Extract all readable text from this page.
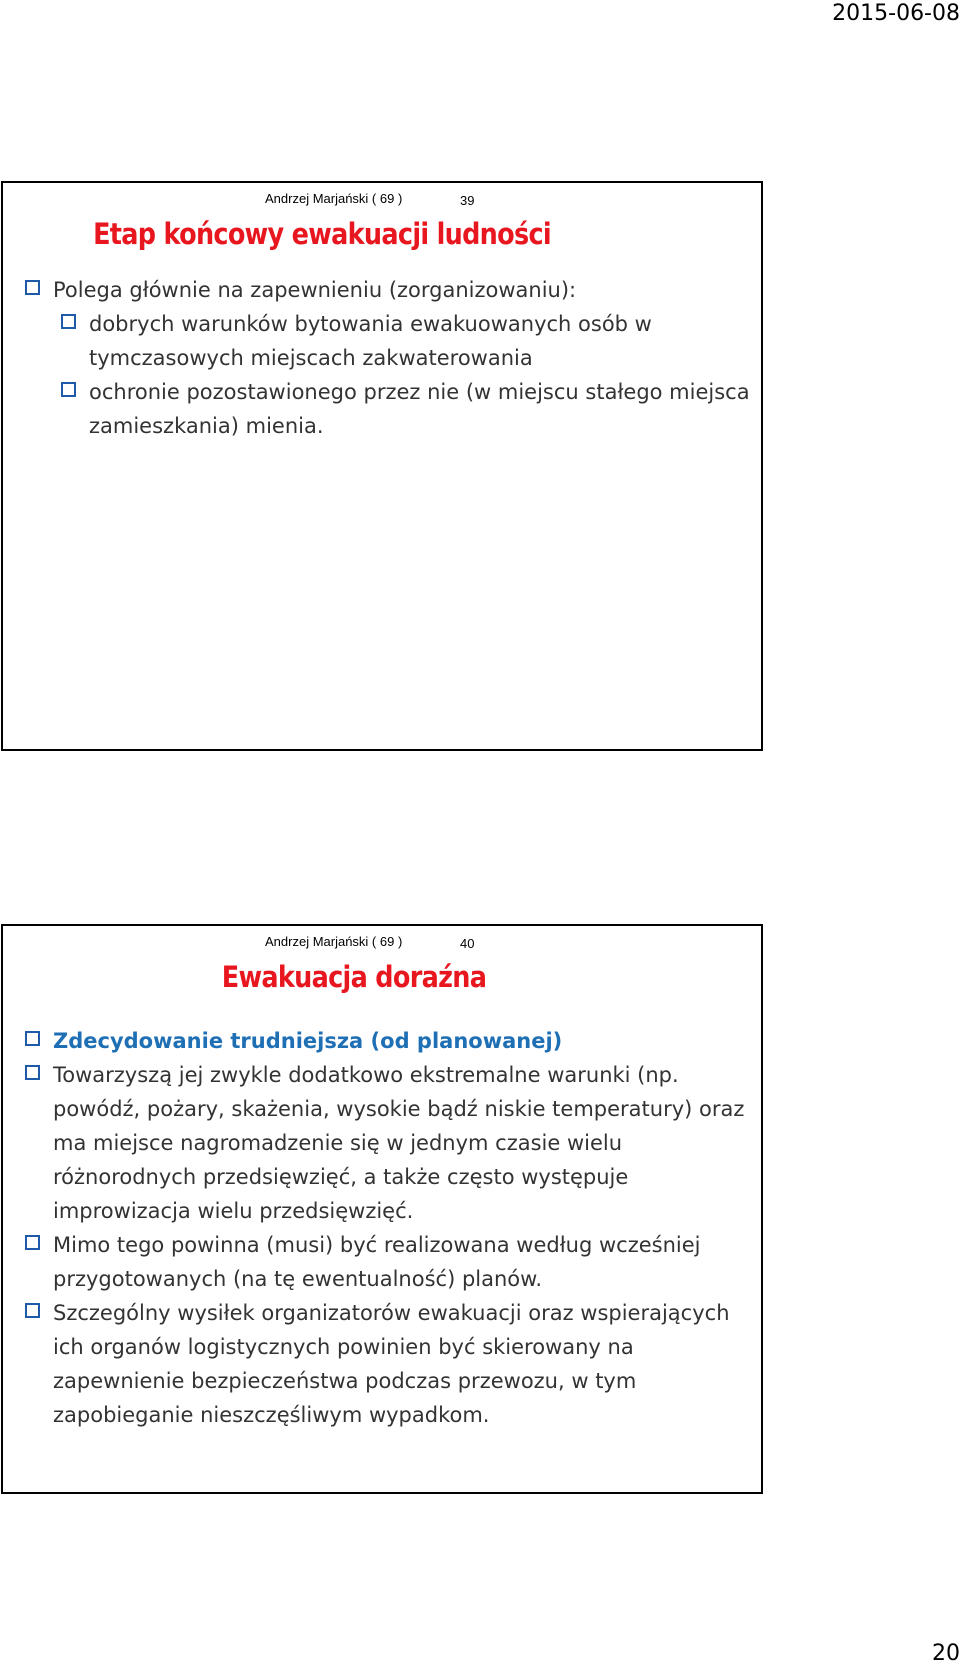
2015-06-08
Andrzej Marjański ( 69 )	39
Etap końcowy ewakuacji ludności
Polega głównie na zapewnieniu (zorganizowaniu):
dobrych warunków bytowania ewakuowanych osób w tymczasowych miejscach zakwaterowania
ochronie pozostawionego przez nie (w miejscu stałego miejsca zamieszkania) mienia.
Andrzej Marjański ( 69 )	40
Ewakuacja doraźna
Zdecydowanie trudniejsza (od planowanej)
Towarzyszą jej zwykle dodatkowo ekstremalne warunki (np. powódź, pożary, skażenia, wysokie bądź niskie temperatury) oraz ma miejsce nagromadzenie się w jednym czasie wielu różnorodnych przedsięwzięć, a także często występuje improwizacja wielu przedsięwzięć.
Mimo tego powinna (musi) być realizowana według wcześniej przygotowanych (na tę ewentualność) planów.
Szczególny wysiłek organizatorów ewakuacji oraz wspierających ich organów logistycznych powinien być skierowany na zapewnienie bezpieczeństwa podczas przewozu, w tym zapobieganie nieszczęśliwym wypadkom.
20
